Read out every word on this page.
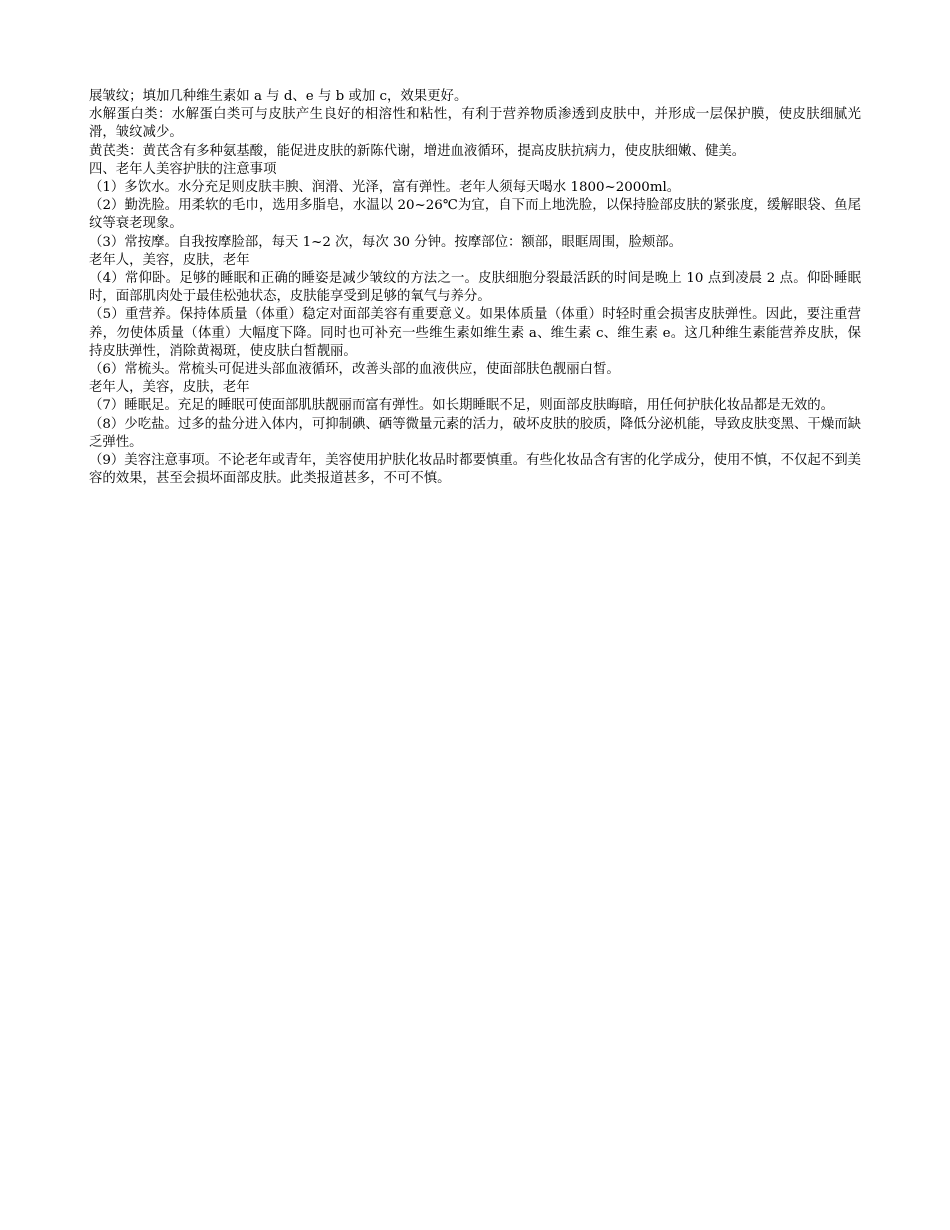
展皱纹；填加几种维生素如 a 与 d、e 与 b 或加 c，效果更好。

水解蛋白类：水解蛋白类可与皮肤产生良好的相溶性和粘性，有利于营养物质渗透到皮肤中，并形成一层保护膜，使皮肤细腻光滑，皱纹减少。

黄芪类：黄芪含有多种氨基酸，能促进皮肤的新陈代谢，增进血液循环，提高皮肤抗病力，使皮肤细嫩、健美。

四、老年人美容护肤的注意事项

（1）多饮水。水分充足则皮肤丰腴、润滑、光泽，富有弹性。老年人须每天喝水 1800~2000ml。

（2）勤洗脸。用柔软的毛巾，选用多脂皂，水温以 20~26℃为宜，自下而上地洗脸，以保持脸部皮肤的紧张度，缓解眼袋、鱼尾纹等衰老现象。

（3）常按摩。自我按摩脸部，每天 1~2 次，每次 30 分钟。按摩部位：额部，眼眶周围，脸颊部。

老年人，美容，皮肤，老年

（4）常仰卧。足够的睡眠和正确的睡姿是减少皱纹的方法之一。皮肤细胞分裂最活跃的时间是晚上 10 点到凌晨 2 点。仰卧睡眠时，面部肌肉处于最佳松弛状态，皮肤能享受到足够的氧气与养分。

（5）重营养。保持体质量（体重）稳定对面部美容有重要意义。如果体质量（体重）时轻时重会损害皮肤弹性。因此，要注重营养，勿使体质量（体重）大幅度下降。同时也可补充一些维生素如维生素 a、维生素 c、维生素 e。这几种维生素能营养皮肤，保持皮肤弹性，消除黄褐斑，使皮肤白皙靓丽。

（6）常梳头。常梳头可促进头部血液循环，改善头部的血液供应，使面部肤色靓丽白皙。

老年人，美容，皮肤，老年

（7）睡眠足。充足的睡眠可使面部肌肤靓丽而富有弹性。如长期睡眠不足，则面部皮肤晦暗，用任何护肤化妆品都是无效的。

（8）少吃盐。过多的盐分进入体内，可抑制碘、硒等微量元素的活力，破坏皮肤的胶质，降低分泌机能，导致皮肤变黑、干燥而缺乏弹性。

（9）美容注意事项。不论老年或青年，美容使用护肤化妆品时都要慎重。有些化妆品含有害的化学成分，使用不慎，不仅起不到美容的效果，甚至会损坏面部皮肤。此类报道甚多，不可不慎。
